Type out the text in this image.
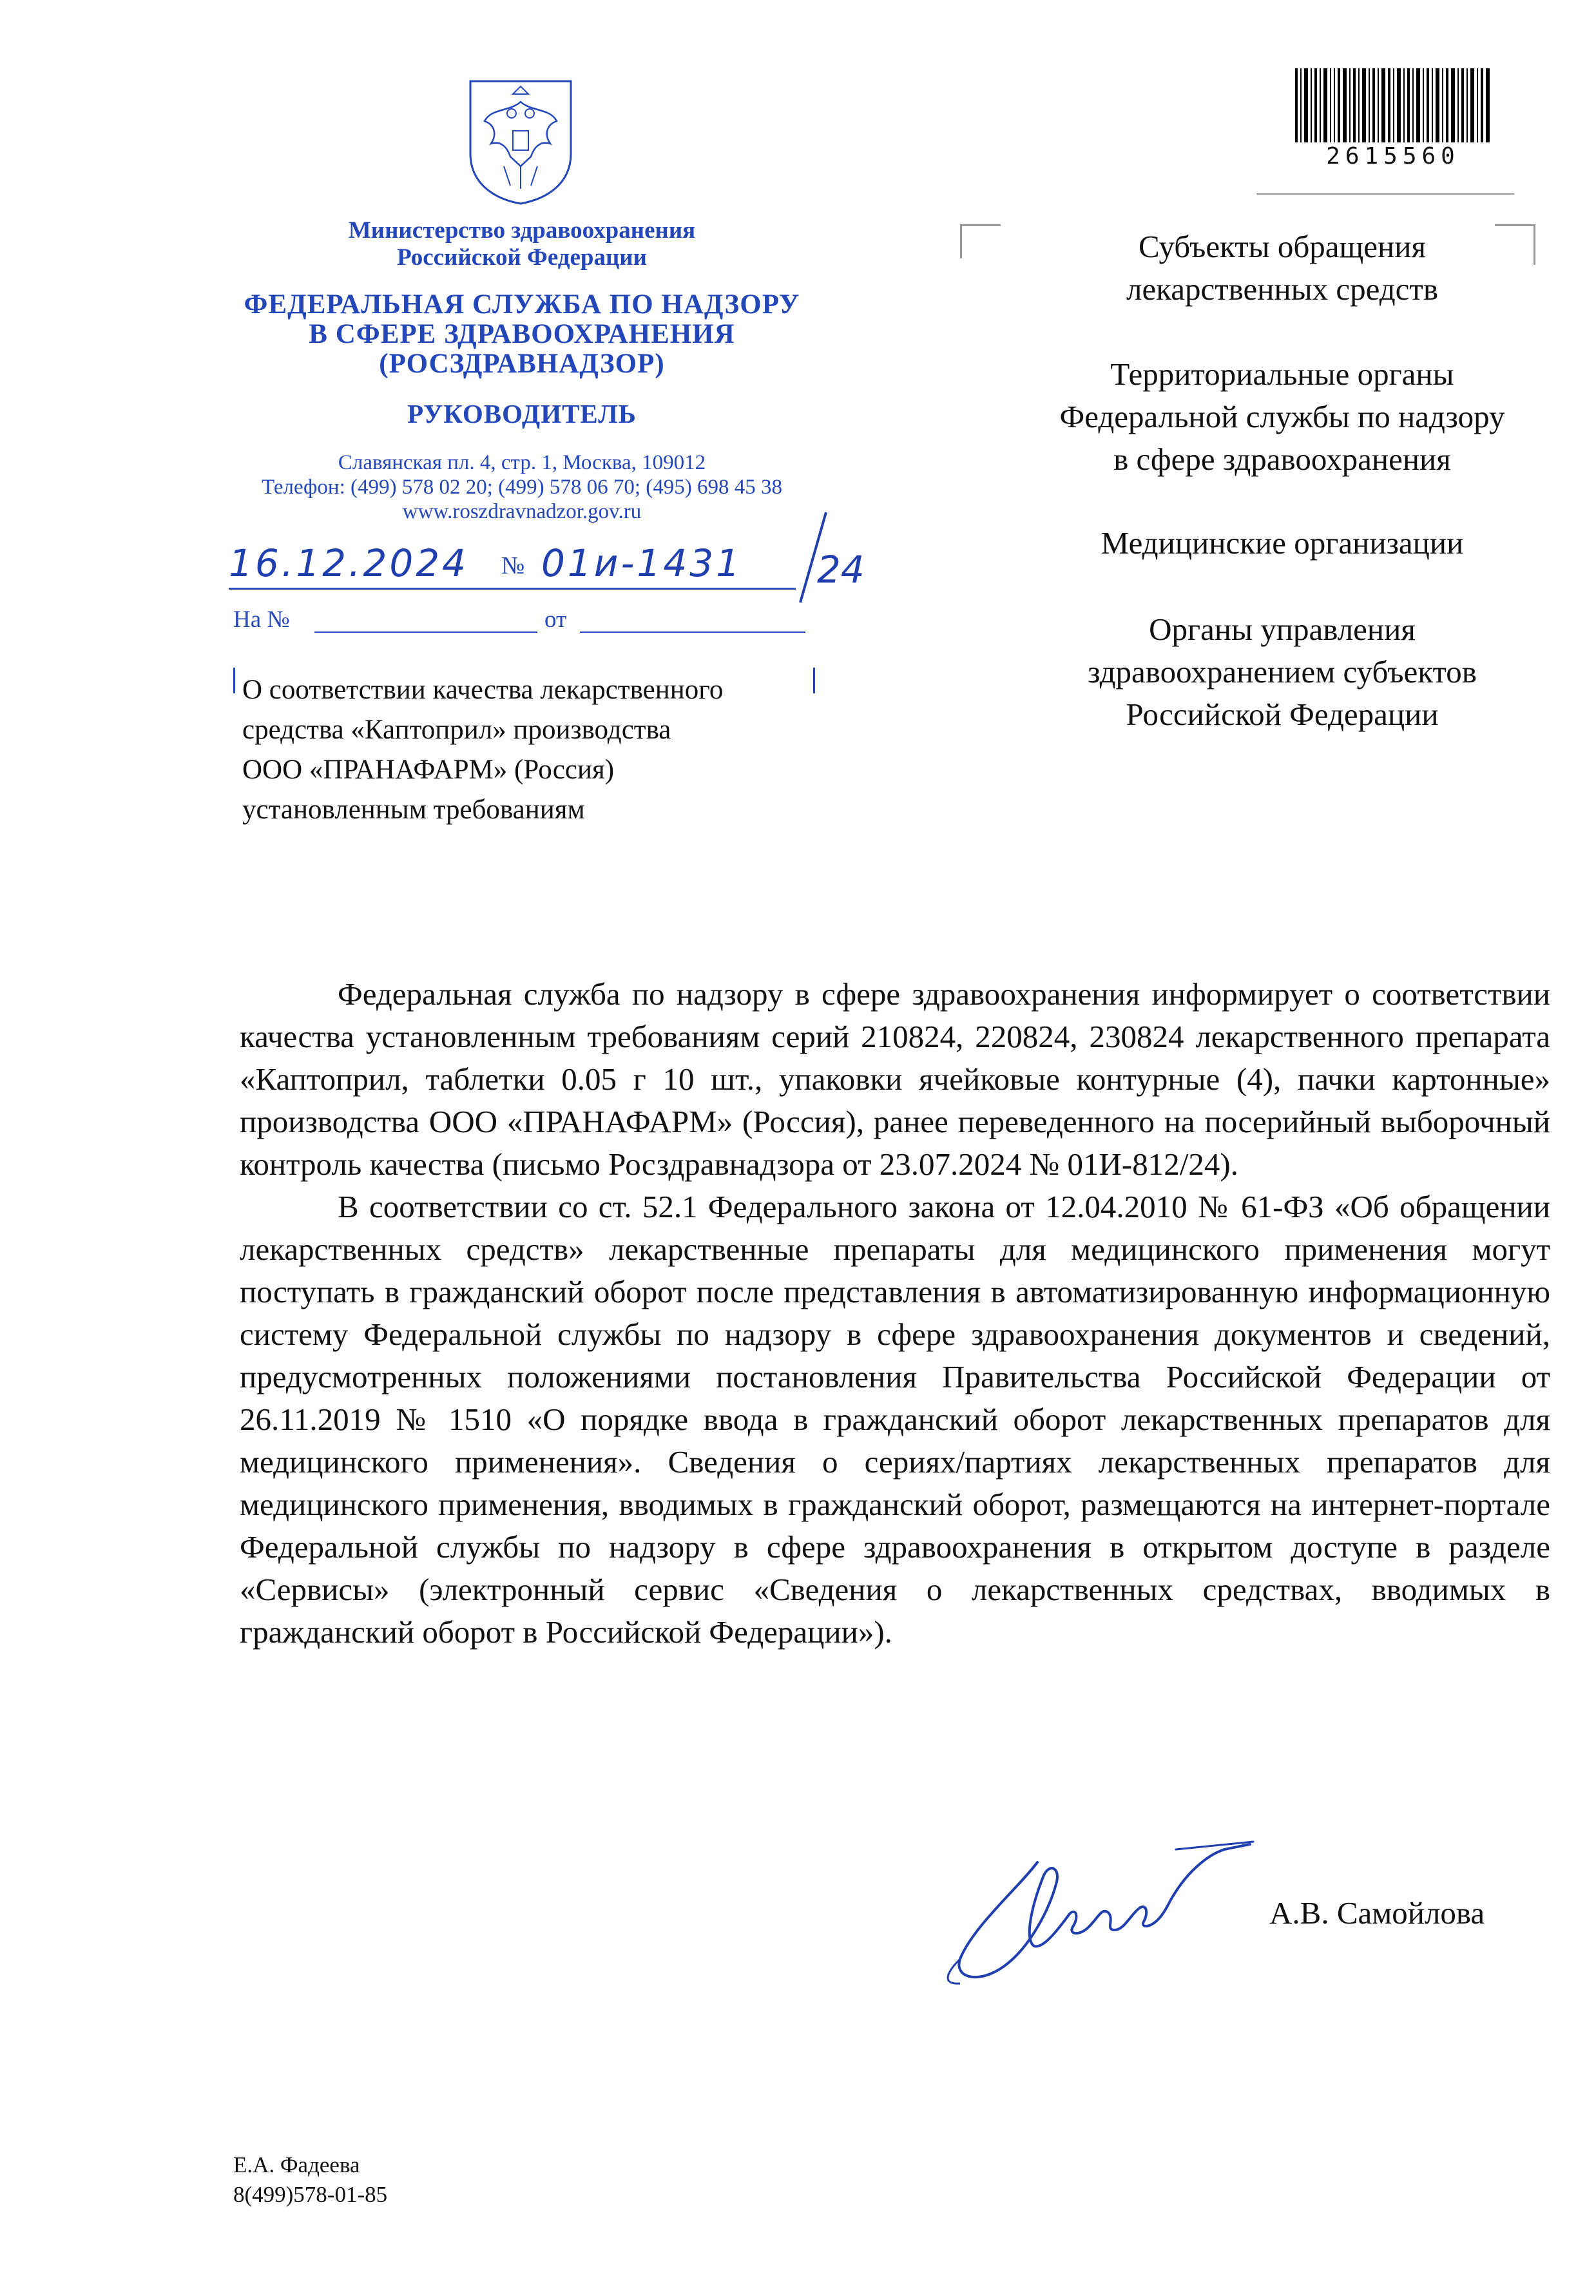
Министерство здравоохранения
Российской Федерации
ФЕДЕРАЛЬНАЯ СЛУЖБА ПО НАДЗОРУ
В СФЕРЕ ЗДРАВООХРАНЕНИЯ
(РОСЗДРАВНАДЗОР)
РУКОВОДИТЕЛЬ
Славянская пл. 4, стр. 1, Москва, 109012
Телефон: (499) 578 02 20; (499) 578 06 70; (495) 698 45 38
www.roszdravnadzor.gov.ru
16.12.2024 № 01и-1431 24
На №	от
О соответствии качества лекарственного
средства «Каптоприл» производства
ООО «ПРАНАФАРМ» (Россия)
установленным требованиям
2615560
Субъекты обращения
лекарственных средств
Территориальные органы
Федеральной службы по надзору
в сфере здравоохранения
Медицинские организации
Органы управления
здравоохранением субъектов
Российской Федерации

Федеральная служба по надзору в сфере здравоохранения информирует о соответствии качества установленным требованиям серий 210824, 220824, 230824 лекарственного препарата «Каптоприл, таблетки 0.05 г 10 шт., упаковки ячейковые контурные (4), пачки картонные» производства ООО «ПРАНАФАРМ» (Россия), ранее переведенного на посерийный выборочный контроль качества (письмо Росздравнадзора от 23.07.2024 № 01И-812/24).

В соответствии со ст. 52.1 Федерального закона от 12.04.2010 № 61-ФЗ «Об обращении лекарственных средств» лекарственные препараты для медицинского применения могут поступать в гражданский оборот после представления в автоматизированную информационную систему Федеральной службы по надзору в сфере здравоохранения документов и сведений, предусмотренных положениями постановления Правительства Российской Федерации от 26.11.2019 № 1510 «О порядке ввода в гражданский оборот лекарственных препаратов для медицинского применения». Сведения о сериях/партиях лекарственных препаратов для медицинского применения, вводимых в гражданский оборот, размещаются на интернет-портале Федеральной службы по надзору в сфере здравоохранения в открытом доступе в разделе «Сервисы» (электронный сервис «Сведения о лекарственных средствах, вводимых в гражданский оборот в Российской Федерации»).

А.В. Самойлова
Е.А. Фадеева
8(499)578-01-85
